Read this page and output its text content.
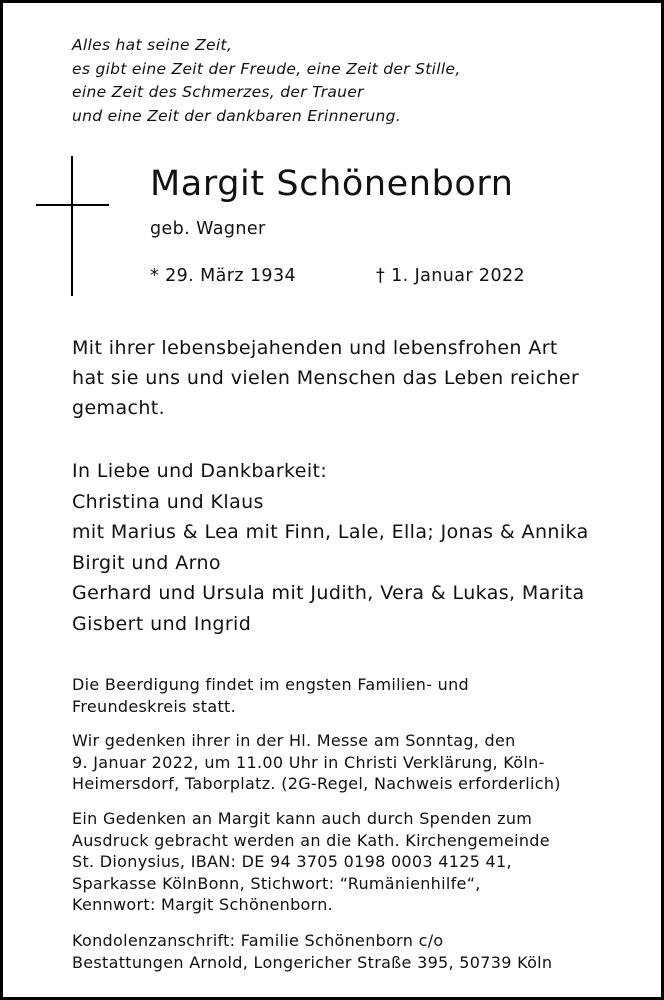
Alles hat seine Zeit,
es gibt eine Zeit der Freude, eine Zeit der Stille,
eine Zeit des Schmerzes, der Trauer
und eine Zeit der dankbaren Erinnerung.
Margit Schönenborn
geb. Wagner
* 29. März 1934	† 1. Januar 2022
Mit ihrer lebensbejahenden und lebensfrohen Art
hat sie uns und vielen Menschen das Leben reicher
gemacht.
In Liebe und Dankbarkeit:
Christina und Klaus
mit Marius & Lea mit Finn, Lale, Ella; Jonas & Annika
Birgit und Arno
Gerhard und Ursula mit Judith, Vera & Lukas, Marita
Gisbert und Ingrid
Die Beerdigung findet im engsten Familien- und
Freundeskreis statt.
Wir gedenken ihrer in der Hl. Messe am Sonntag, den
9. Januar 2022, um 11.00 Uhr in Christi Verklärung, Köln-
Heimersdorf, Taborplatz. (2G-Regel, Nachweis erforderlich)
Ein Gedenken an Margit kann auch durch Spenden zum
Ausdruck gebracht werden an die Kath. Kirchengemeinde
St. Dionysius, IBAN: DE 94 3705 0198 0003 4125 41,
Sparkasse KölnBonn, Stichwort: “Rumänienhilfe“,
Kennwort: Margit Schönenborn.
Kondolenzanschrift: Familie Schönenborn c/o
Bestattungen Arnold, Longericher Straße 395, 50739 Köln
